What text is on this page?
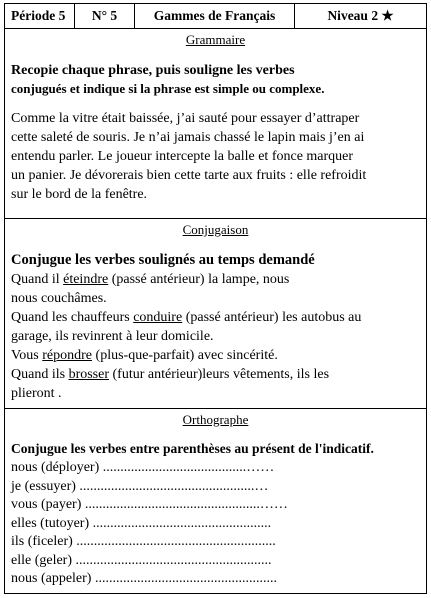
Période 5	N° 5	Gammes de Français	Niveau 2 ★
Grammaire

Recopie chaque phrase, puis souligne les verbes

conjugués et indique si la phrase est simple ou complexe.

Comme la vitre était baissée, j’ai sauté pour essayer d’attraper

cette saleté de souris. Je n’ai jamais chassé le lapin mais j’en ai

entendu parler. Le joueur intercepte la balle et fonce marquer

un panier. Je dévorerais bien cette tarte aux fruits : elle refroidit

sur le bord de la fenêtre.

Conjugaison

Conjugue les verbes soulignés au temps demandé

Quand il éteindre (passé antérieur) la lampe, nous

nous couchâmes.

Quand les chauffeurs conduire (passé antérieur) les autobus au

garage, ils revinrent à leur domicile.

Vous répondre (plus-que-parfait) avec sincérité.

Quand ils brosser (futur antérieur)leurs vêtements, ils les

plieront .

Orthographe

Conjugue les verbes entre parenthèses au présent de l'indicatif.

nous (déployer) .........................................……

je (essuyer) ..................................................…

vous (payer) ..................................................……

elles (tutoyer) ...................................................

ils (ficeler) .........................................................

elle (geler) ........................................................

nous (appeler) ....................................................
